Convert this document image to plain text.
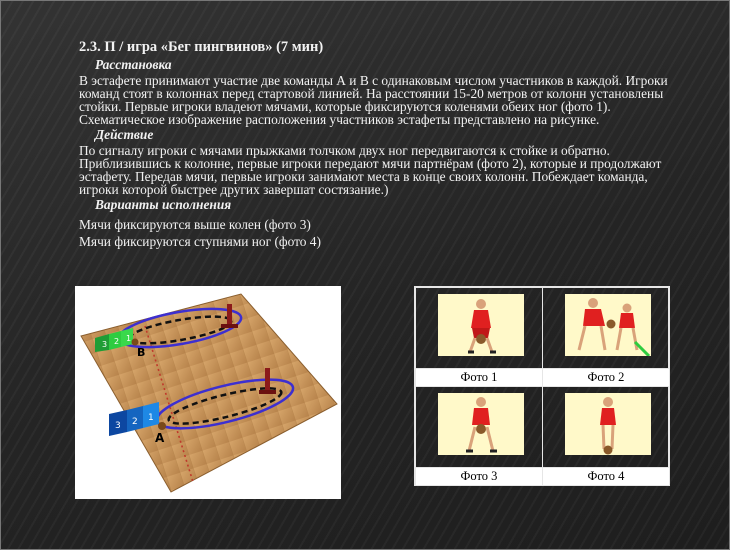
2.3. П / игра «Бег пингвинов» (7 мин)
Расстановка

В эстафете принимают участие две команды А и В с одинаковым числом участников в каждой. Игроки команд стоят в колоннах перед стартовой линией. На расстоянии 15-20 метров от колонн установлены стойки. Первые игроки владеют мячами, которые фиксируются коленями обеих ног (фото 1). Схематическое изображение расположения участников эстафеты представлено на рисунке.

Действие

По сигналу игроки с мячами прыжками толчком двух ног передвигаются к стойке и обратно. Приблизившись к колонне, первые игроки передают мячи партнёрам (фото 2), которые и продолжают эстафету. Передав мячи, первые игроки занимают места в конце своих колонн. Побеждает команда, игроки которой быстрее других завершат состязание.)

Варианты исполнения

Мячи фиксируются выше колен (фото 3)

Мячи фиксируются ступнями ног (фото 4)

3 2 1
B
3 2 1
A
Фото 1	Фото 2
Фото 3	Фото 4
